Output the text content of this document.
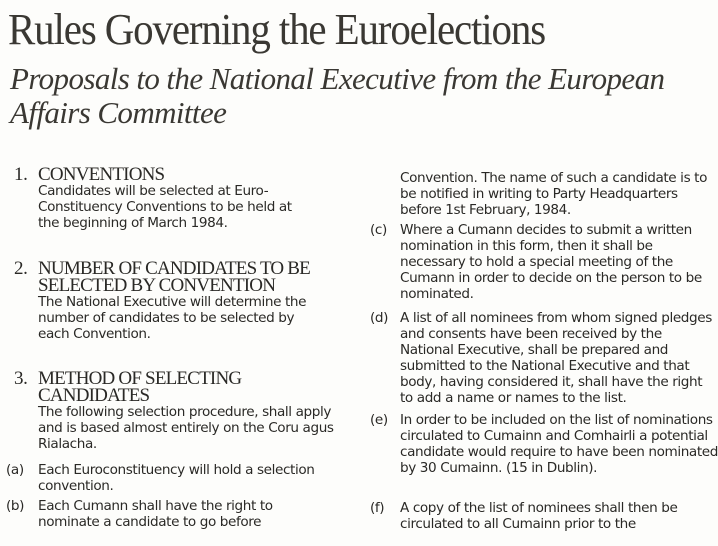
Rules Governing the Euroelections
Proposals to the National Executive from the European Affairs Committee
1. CONVENTIONS
Candidates will be selected at Euro-Constituency Conventions to be held at the beginning of March 1984.
2. NUMBER OF CANDIDATES TO BE SELECTED BY CONVENTION
The National Executive will determine the number of candidates to be selected by each Convention.
3. METHOD OF SELECTING CANDIDATES
The following selection procedure, shall apply and is based almost entirely on the Coru agus Rialacha.
(a)	Each Euroconstituency will hold a selection convention.
(b)	Each Cumann shall have the right to nominate a candidate to go before
Convention. The name of such a candidate is to be notified in writing to Party Headquarters before 1st February, 1984.
(c) Where a Cumann decides to submit a written nomination in this form, then it shall be necessary to hold a special meeting of the Cumann in order to decide on the person to be nominated.
(d) A list of all nominees from whom signed pledges and consents have been received by the National Executive, shall be prepared and submitted to the National Executive and that body, having considered it, shall have the right to add a name or names to the list.
(e) In order to be included on the list of nominations circulated to Cumainn and Comhairli a potential candidate would require to have been nominated by 30 Cumainn. (15 in Dublin).
(f)	A copy of the list of nominees shall then be circulated to all Cumainn prior to the
